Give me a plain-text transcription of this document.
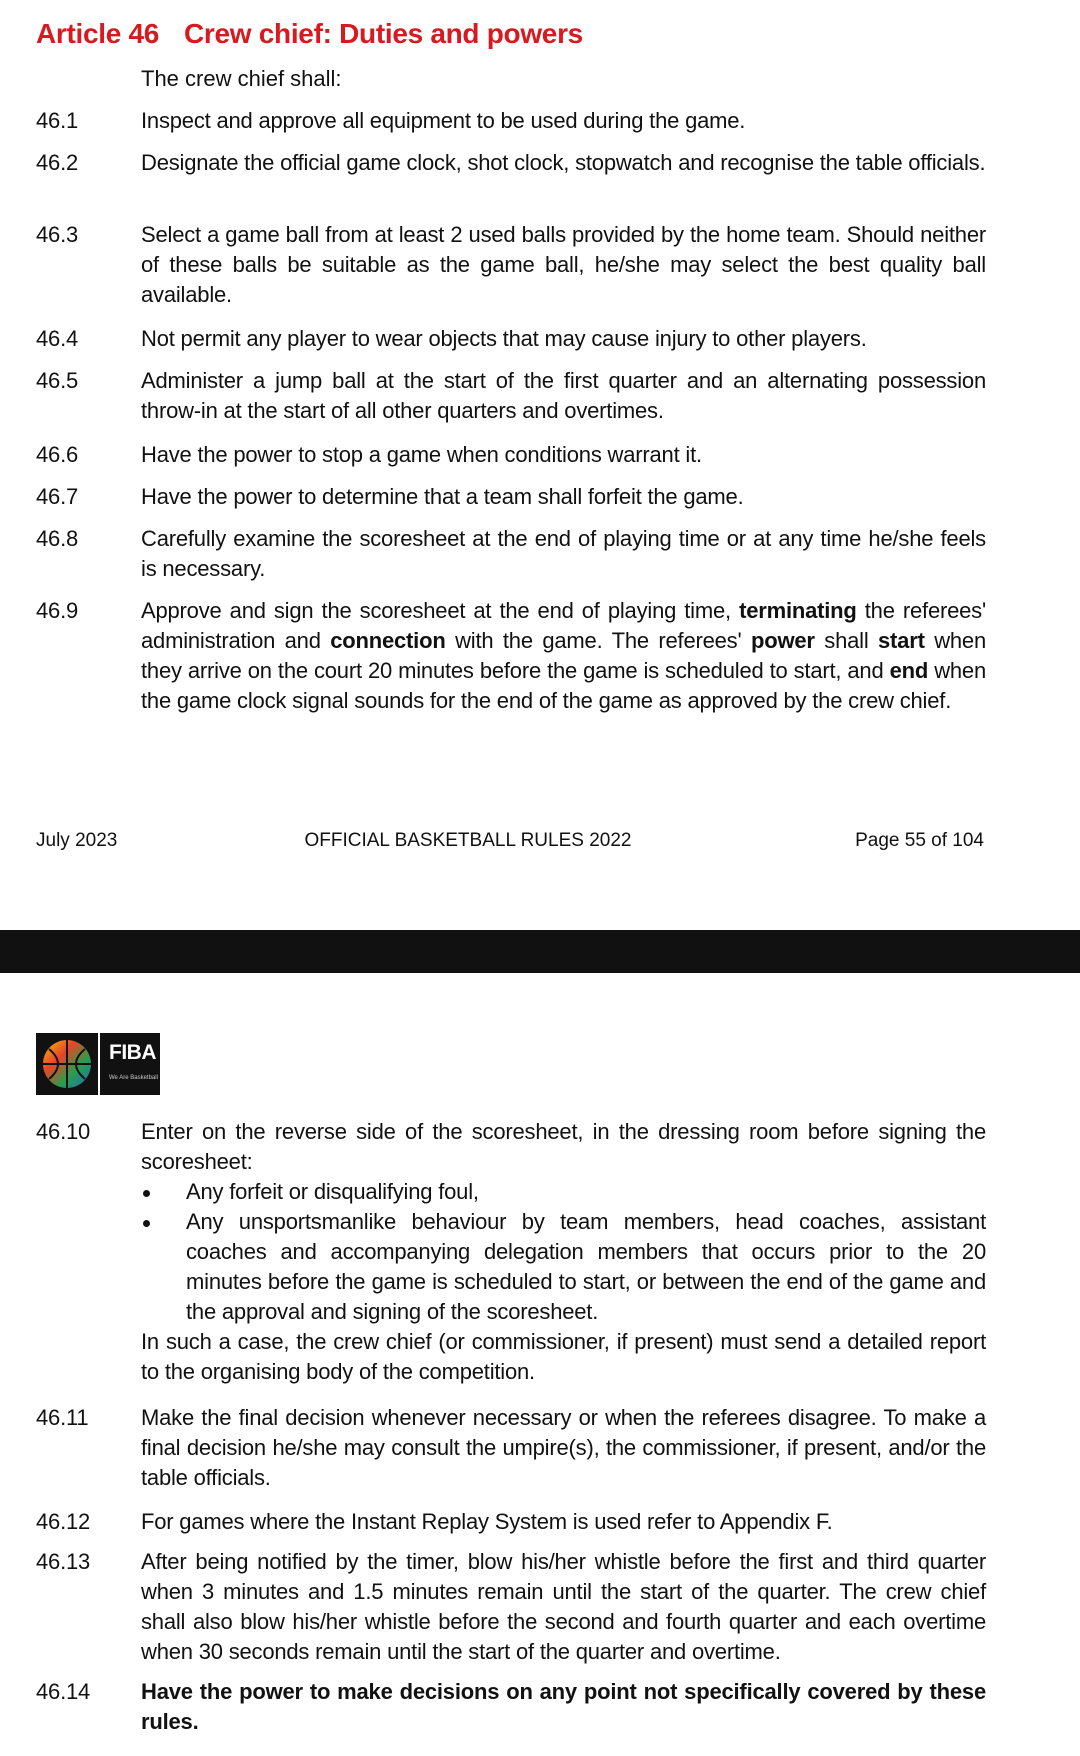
Article 46 Crew chief: Duties and powers
The crew chief shall:
46.1	Inspect and approve all equipment to be used during the game.
46.2	Designate the official game clock, shot clock, stopwatch and recognise the table officials.
46.3	Select a game ball from at least 2 used balls provided by the home team. Should neither of these balls be suitable as the game ball, he/she may select the best quality ball available.
46.4	Not permit any player to wear objects that may cause injury to other players.
46.5	Administer a jump ball at the start of the first quarter and an alternating possession throw-in at the start of all other quarters and overtimes.
46.6	Have the power to stop a game when conditions warrant it.
46.7	Have the power to determine that a team shall forfeit the game.
46.8	Carefully examine the scoresheet at the end of playing time or at any time he/she feels is necessary.
46.9	Approve and sign the scoresheet at the end of playing time, terminating the referees' administration and connection with the game. The referees' power shall start when they arrive on the court 20 minutes before the game is scheduled to start, and end when the game clock signal sounds for the end of the game as approved by the crew chief.
July 2023	OFFICIAL BASKETBALL RULES 2022	Page 55 of 104
FIBA
We Are Basketball
46.10	Enter on the reverse side of the scoresheet, in the dressing room before signing the scoresheet:
Any forfeit or disqualifying foul,
Any unsportsmanlike behaviour by team members, head coaches, assistant coaches and accompanying delegation members that occurs prior to the 20 minutes before the game is scheduled to start, or between the end of the game and the approval and signing of the scoresheet.
In such a case, the crew chief (or commissioner, if present) must send a detailed report to the organising body of the competition.
46.11	Make the final decision whenever necessary or when the referees disagree. To make a final decision he/she may consult the umpire(s), the commissioner, if present, and/or the table officials.
46.12	For games where the Instant Replay System is used refer to Appendix F.
46.13	After being notified by the timer, blow his/her whistle before the first and third quarter when 3 minutes and 1.5 minutes remain until the start of the quarter. The crew chief shall also blow his/her whistle before the second and fourth quarter and each overtime when 30 seconds remain until the start of the quarter and overtime.
46.14	Have the power to make decisions on any point not specifically covered by these rules.
